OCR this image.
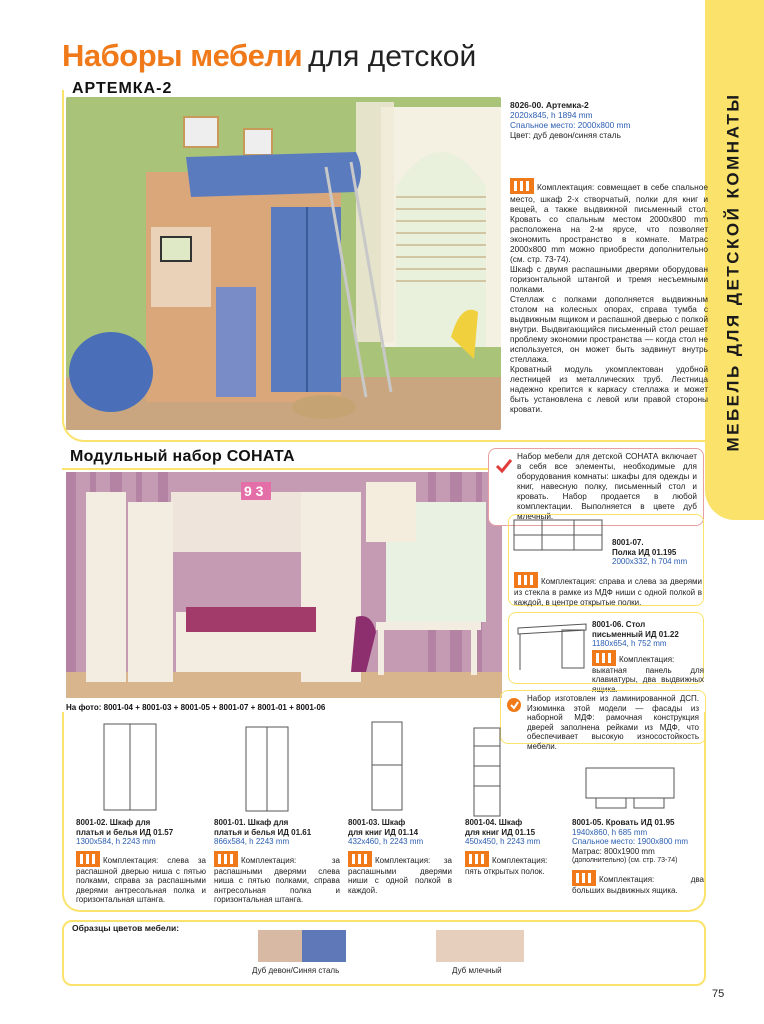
МЕБЕЛЬ ДЛЯ ДЕТСКОЙ КОМНАТЫ
Наборы мебели для детской
АРТЕМКА-2
8026-00. Артемка-2
2020x845, h 1894 mm
Спальное место: 2000x800 mm
Цвет: дуб девон/синяя сталь
Комплектация: совмещает в себе спальное место, шкаф 2-х створчатый, полки для книг и вещей, а также выдвижной письменный стол. Кровать со спальным местом 2000x800 mm расположена на 2-м ярусе, что позволяет экономить пространство в комнате. Матрас 2000x800 mm можно приобрести дополнительно (см. стр. 73-74).
Шкаф с двумя распашными дверями оборудован горизонтальной штангой и тремя несъемными полками.
Стеллаж с полками дополняется выдвижным столом на колесных опорах, справа тумба с выдвижным ящиком и распашной дверью с полкой внутри. Выдвигающийся письменный стол решает проблему экономии пространства — когда стол не используется, он может быть задвинут внутрь стеллажа.
Кроватный модуль укомплектован удобной лестницей из металлических труб. Лестница надежно крепится к каркасу стеллажа и может быть установлена с левой или правой стороны кровати.
Модульный набор СОНАТА
9 3
На фото: 8001-04 + 8001-03 + 8001-05 + 8001-07 + 8001-01 + 8001-06
Набор мебели для детской СОНАТА включает в себя все элементы, необходимые для оборудования комнаты: шкафы для одежды и книг, навесную полку, письменный стол и кровать. Набор продается в любой комплектации. Выполняется в цвете дуб млечный.
8001-07.
Полка ИД 01.195
2000x332, h 704 mm
Комплектация: справа и слева за дверями из стекла в рамке из МДФ ниши с одной полкой в каждой, в центре открытые полки.
8001-06. Стол
письменный ИД 01.22
1180x654, h 752 mm
Комплектация: выкатная панель для клавиатуры, два выдвижных ящика.
Набор изготовлен из ламинированной ДСП. Изюминка этой модели — фасады из наборной МДФ: рамочная конструкция дверей заполнена рейками из МДФ, что обеспечивает высокую износостойкость мебели.
8001-02. Шкаф для
платья и белья ИД 01.57
1300x584, h 2243 mm
Комплектация: слева за распашной дверью ниша с пятью полками, справа за распашными дверями антресольная полка и горизонтальная штанга.
8001-01. Шкаф для
платья и белья ИД 01.61
866x584, h 2243 mm
Комплектация: за распашными дверями слева ниша с пятью полками, справа антресольная полка и горизонтальная штанга.
8001-03. Шкаф
для книг ИД 01.14
432x460, h 2243 mm
Комплектация: за распашными дверями ниши с одной полкой в каждой.
8001-04. Шкаф
для книг ИД 01.15
450x450, h 2243 mm
Комплектация: пять открытых полок.
8001-05. Кровать ИД 01.95
1940x860, h 685 mm
Спальное место: 1900x800 mm
Матрас: 800x1900 mm
(дополнительно) (см. стр. 73-74)
Комплектация: два больших выдвижных ящика.
Образцы цветов мебели:
Дуб девон/Синяя сталь	Дуб млечный
75
